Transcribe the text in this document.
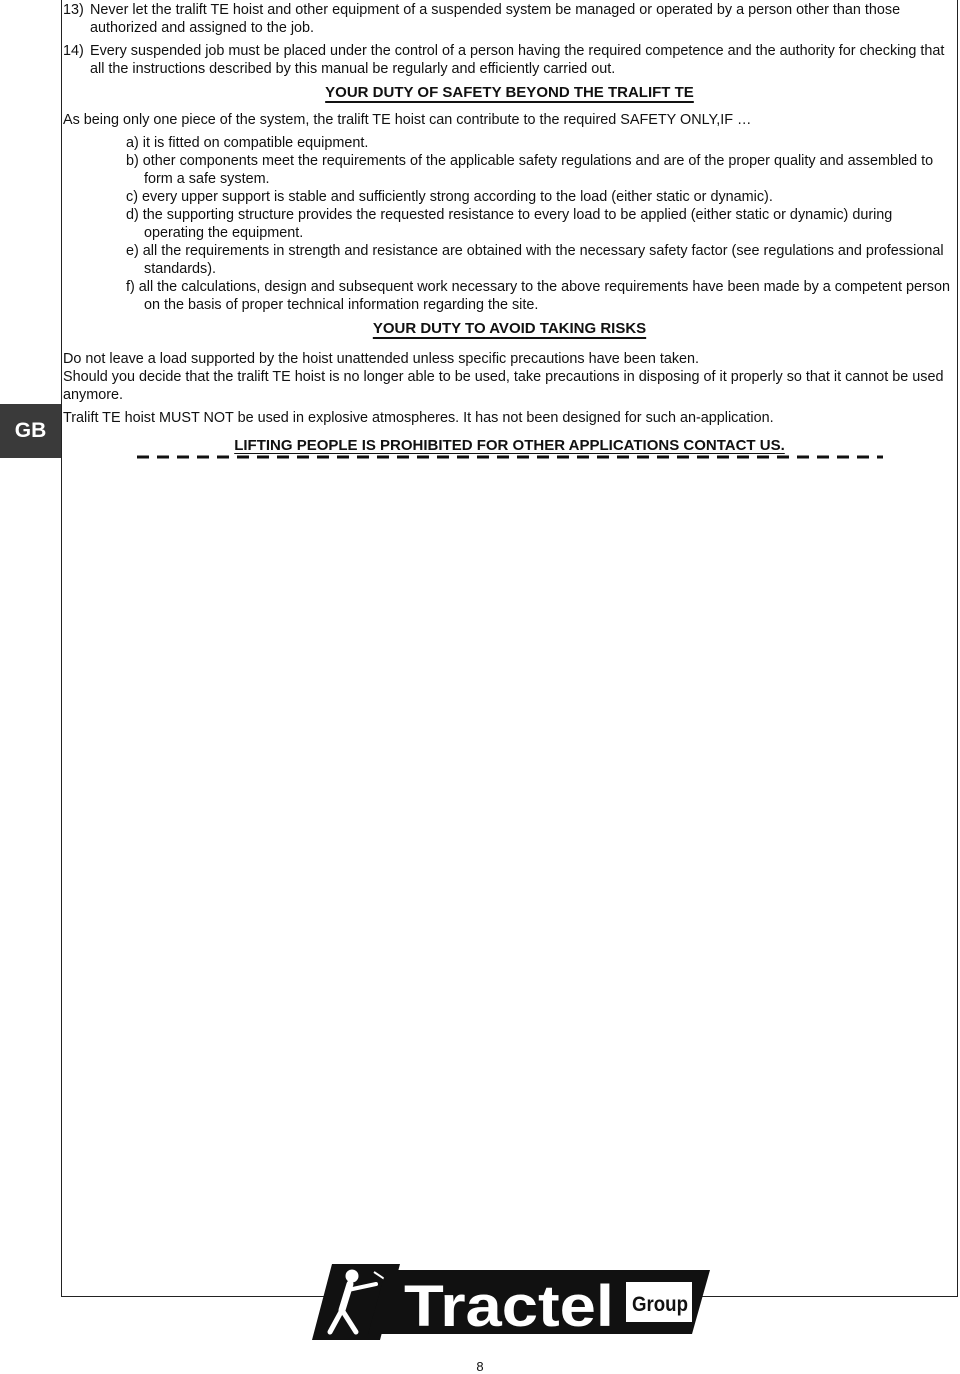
GB
13) Never let the tralift TE hoist and other equipment of a suspended system be managed or operated by a person other than those authorized and assigned to the job.

14) Every suspended job must be placed under the control of a person having the required competence and the authority for checking that all the instructions described by this manual be regularly and efficiently carried out.

YOUR DUTY OF SAFETY BEYOND THE TRALIFT TE

As being only one piece of the system, the tralift TE hoist can contribute to the required SAFETY ONLY,IF …

a) it is fitted on compatible equipment.

b) other components meet the requirements of the applicable safety regulations and are of the proper quality and assembled to form a safe system.

c) every upper support is stable and sufficiently strong according to the load (either static or dynamic).

d) the supporting structure provides the requested resistance to every load to be applied (either static or dynamic) during operating the equipment.

e) all the requirements in strength and resistance are obtained with the necessary safety factor (see regulations and professional standards).

f) all the calculations, design and subsequent work necessary to the above requirements have been made by a competent person on the basis of proper technical information regarding the site.

YOUR DUTY TO AVOID TAKING RISKS

Do not leave a load supported by the hoist unattended unless specific precautions have been taken.

Should you decide that the tralift TE hoist is no longer able to be used, take precautions in disposing of it properly so that it cannot be used anymore.

Tralift TE hoist MUST NOT be used in explosive atmospheres. It has not been designed for such an-application.

LIFTING PEOPLE IS PROHIBITED FOR OTHER APPLICATIONS CONTACT US.
Tractel Group
8
